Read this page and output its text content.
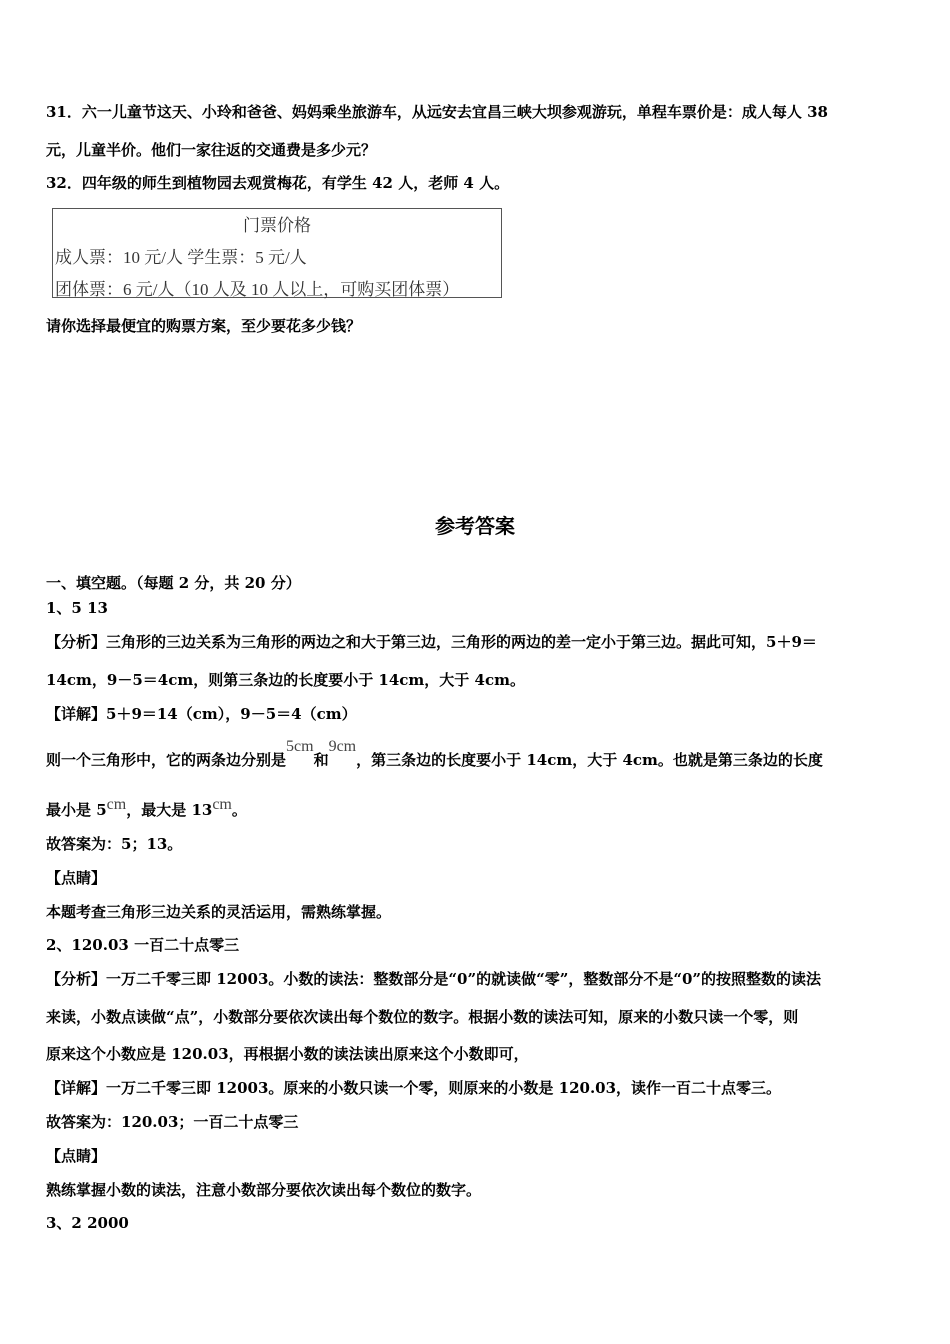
31．六一儿童节这天、小玲和爸爸、妈妈乘坐旅游车，从远安去宜昌三峡大坝参观游玩，单程车票价是：成人每人 38
元，儿童半价。他们一家往返的交通费是多少元？
32．四年级的师生到植物园去观赏梅花，有学生 42 人，老师 4 人。
门票价格
成人票：10 元/人 学生票：5 元/人
团体票：6 元/人（10 人及 10 人以上，可购买团体票）
请你选择最便宜的购票方案，至少要花多少钱？
参考答案
一、填空题。（每题 2 分，共 20 分）
1、5 13
【分析】三角形的三边关系为三角形的两边之和大于第三边，三角形的两边的差一定小于第三边。据此可知，5＋9＝
14cm，9－5＝4cm，则第三条边的长度要小于 14cm，大于 4cm。
【详解】5＋9＝14（cm），9－5＝4（cm）
则一个三角形中，它的两条边分别是5cm和9cm，第三条边的长度要小于 14cm，大于 4cm。也就是第三条边的长度
最小是 5cm，最大是 13cm。
故答案为：5；13。
【点睛】
本题考查三角形三边关系的灵活运用，需熟练掌握。
2、120.03 一百二十点零三
【分析】一万二千零三即 12003。小数的读法：整数部分是“0”的就读做“零”，整数部分不是“0”的按照整数的读法
来读，小数点读做“点”，小数部分要依次读出每个数位的数字。根据小数的读法可知，原来的小数只读一个零，则
原来这个小数应是 120.03，再根据小数的读法读出原来这个小数即可，
【详解】一万二千零三即 12003。原来的小数只读一个零，则原来的小数是 120.03，读作一百二十点零三。
故答案为：120.03；一百二十点零三
【点睛】
熟练掌握小数的读法，注意小数部分要依次读出每个数位的数字。
3、2 2000
